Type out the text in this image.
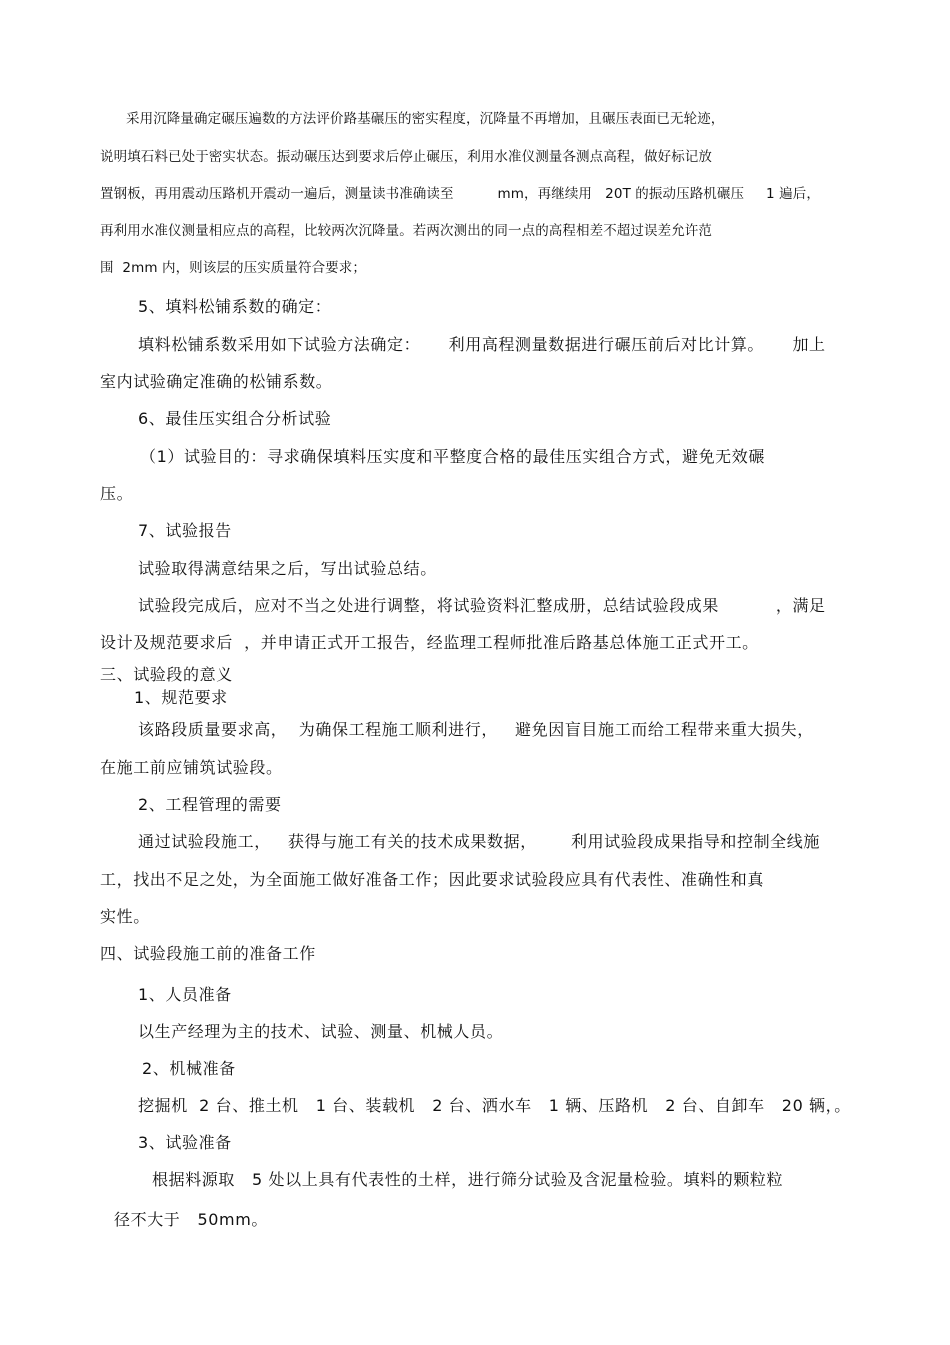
采用沉降量确定碾压遍数的方法评价路基碾压的密实程度，沉降量不再增加，且碾压表面已无轮迹，

说明填石料已处于密实状态。振动碾压达到要求后停止碾压，利用水准仪测量各测点高程，做好标记放

置钢板，再用震动压路机开震动一遍后，测量读书准确读至          mm，再继续用   20T 的振动压路机碾压     1 遍后，

再利用水准仪测量相应点的高程，比较两次沉降量。若两次测出的同一点的高程相差不超过误差允许范

围  2mm 内，则该层的压实质量符合要求；

5、填料松铺系数的确定：

填料松铺系数采用如下试验方法确定：     利用高程测量数据进行碾压前后对比计算。     加上

室内试验确定准确的松铺系数。

6、最佳压实组合分析试验

（1）试验目的：寻求确保填料压实度和平整度合格的最佳压实组合方式，避免无效碾

压。

7、试验报告

试验取得满意结果之后，写出试验总结。

试验段完成后，应对不当之处进行调整，将试验资料汇整成册，总结试验段成果          ，满足

设计及规范要求后  ，并申请正式开工报告，经监理工程师批准后路基总体施工正式开工。

三、试验段的意义

1、规范要求

该路段质量要求高，  为确保工程施工顺利进行，   避免因盲目施工而给工程带来重大损失，

在施工前应铺筑试验段。

2、工程管理的需要

通过试验段施工，   获得与施工有关的技术成果数据，      利用试验段成果指导和控制全线施

工，找出不足之处，为全面施工做好准备工作；因此要求试验段应具有代表性、准确性和真

实性。

四、试验段施工前的准备工作

1、人员准备

以生产经理为主的技术、试验、测量、机械人员。

2、机械准备

挖掘机  2 台、推土机   1 台、装载机   2 台、洒水车   1 辆、压路机   2 台、自卸车   20 辆，。

3、试验准备

根据料源取   5 处以上具有代表性的土样，进行筛分试验及含泥量检验。填料的颗粒粒

径不大于   50mm。
